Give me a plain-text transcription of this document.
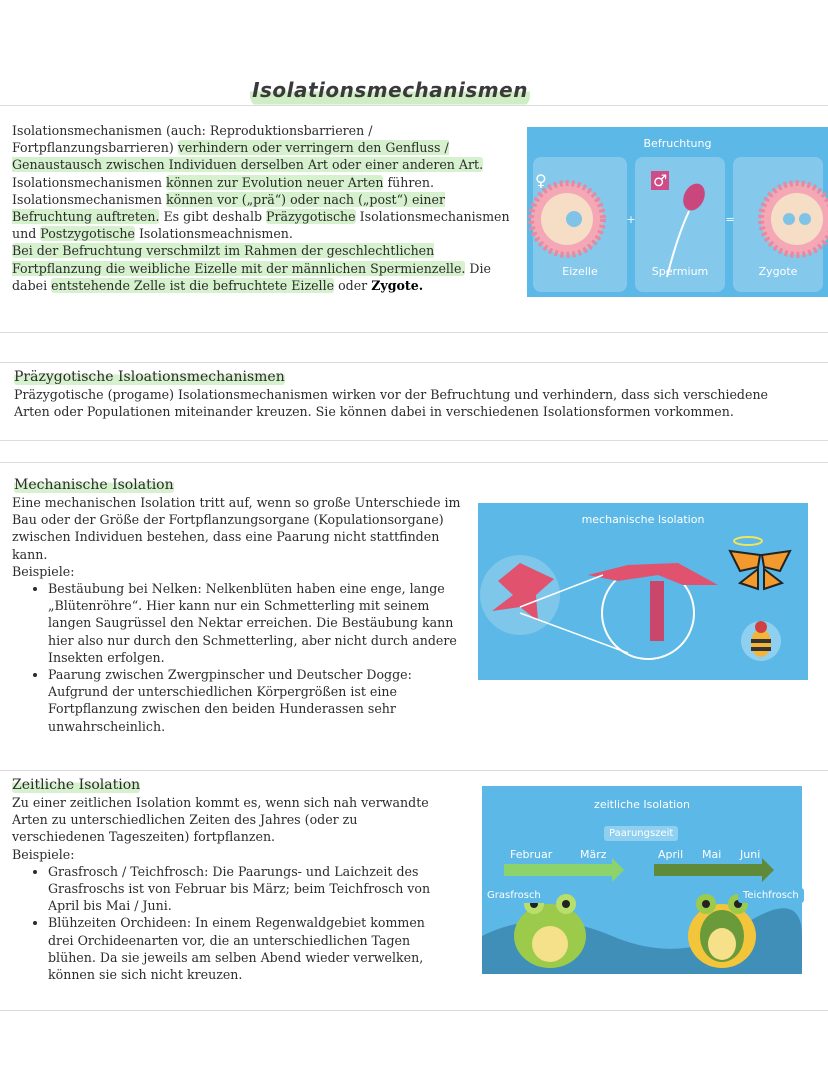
Isolationsmechanismen
Isolationsmechanismen (auch: Reproduktionsbarrieren / Fortpflanzungsbarrieren) verhindern oder verringern den Genfluss / Genaustausch zwischen Individuen derselben Art oder einer anderen Art. Isolationsmechanismen können zur Evolution neuer Arten führen.
Isolationsmechanismen können vor („prä“) oder nach („post“) einer Befruchtung auftreten. Es gibt deshalb Präzygotische Isolationsmechanismen und Postzygotische Isolationsmeachnismen.
Bei der Befruchtung verschmilzt im Rahmen der geschlechtlichen Fortpflanzung die weibliche Eizelle mit der männlichen Spermienzelle. Die dabei entstehende Zelle ist die befruchtete Eizelle oder Zygote.
Befruchtung
♀	♂
+	=
Eizelle	Spermium	Zygote
Präzygotische Isloationsmechanismen
Präzygotische (progame) Isolationsmechanismen wirken vor der Befruchtung und verhindern, dass sich verschiedene Arten oder Populationen miteinander kreuzen. Sie können dabei in verschiedenen Isolationsformen vorkommen.
Mechanische Isolation
Eine mechanischen Isolation tritt auf, wenn so große Unterschiede im Bau oder der Größe der Fortpflanzungsorgane (Kopulationsorgane) zwischen Individuen bestehen, dass eine Paarung nicht stattfinden kann.
Beispiele:
• Bestäubung bei Nelken: Nelkenblüten haben eine enge, lange „Blütenröhre“. Hier kann nur ein Schmetterling mit seinem langen Saugrüssel den Nektar erreichen. Die Bestäubung kann hier also nur durch den Schmetterling, aber nicht durch andere Insekten erfolgen.
• Paarung zwischen Zwergpinscher und Deutscher Dogge: Aufgrund der unterschiedlichen Körpergrößen ist eine Fortpflanzung zwischen den beiden Hunderassen sehr unwahrscheinlich.
mechanische Isolation
Zeitliche Isolation
Zu einer zeitlichen Isolation kommt es, wenn sich nah verwandte Arten zu unterschiedlichen Zeiten des Jahres (oder zu verschiedenen Tageszeiten) fortpflanzen.
Beispiele:
• Grasfrosch / Teichfrosch: Die Paarungs- und Laichzeit des Grasfroschs ist von Februar bis März; beim Teichfrosch von April bis Mai / Juni.
• Blühzeiten Orchideen: In einem Regenwaldgebiet kommen drei Orchideenarten vor, die an unterschiedlichen Tagen blühen. Da sie jeweils am selben Abend wieder verwelken, können sie sich nicht kreuzen.
zeitliche Isolation
Paarungszeit
Februar	März	April Mai Juni
Grasfrosch	Teichfrosch
